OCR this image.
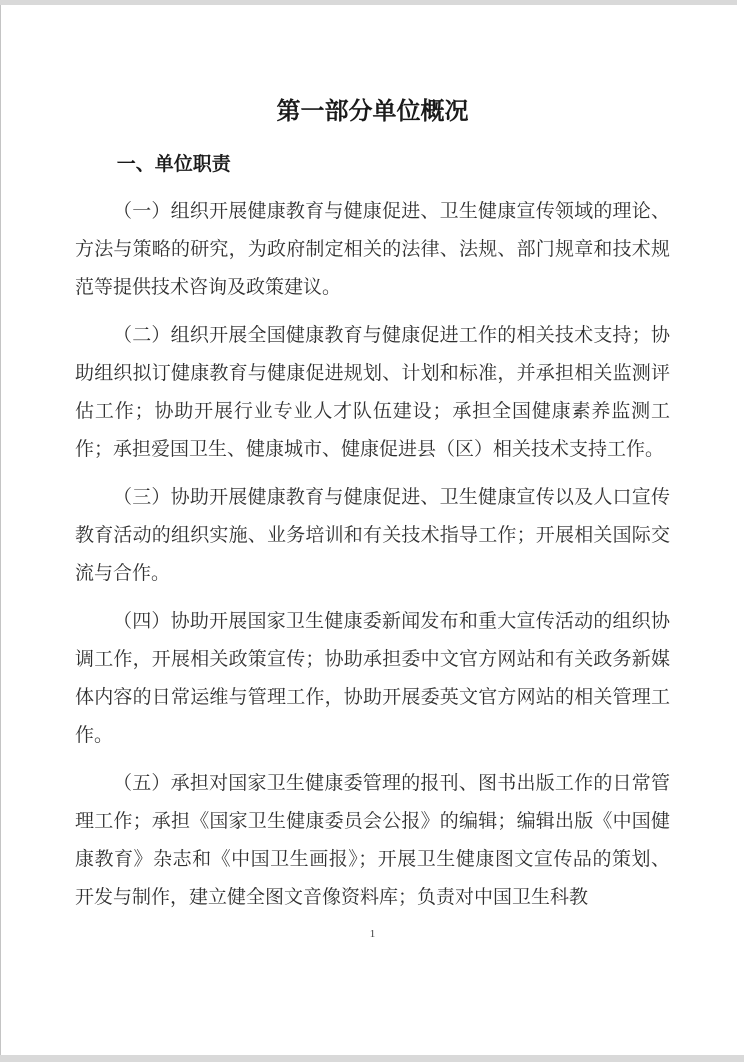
第一部分单位概况
一、单位职责

（一）组织开展健康教育与健康促进、卫生健康宣传领域的理论、方法与策略的研究，为政府制定相关的法律、法规、部门规章和技术规范等提供技术咨询及政策建议。

（二）组织开展全国健康教育与健康促进工作的相关技术支持；协助组织拟订健康教育与健康促进规划、计划和标准，并承担相关监测评估工作；协助开展行业专业人才队伍建设；承担全国健康素养监测工作；承担爱国卫生、健康城市、健康促进县（区）相关技术支持工作。

（三）协助开展健康教育与健康促进、卫生健康宣传以及人口宣传教育活动的组织实施、业务培训和有关技术指导工作；开展相关国际交流与合作。

（四）协助开展国家卫生健康委新闻发布和重大宣传活动的组织协调工作，开展相关政策宣传；协助承担委中文官方网站和有关政务新媒体内容的日常运维与管理工作，协助开展委英文官方网站的相关管理工作。

（五）承担对国家卫生健康委管理的报刊、图书出版工作的日常管理工作；承担《国家卫生健康委员会公报》的编辑；编辑出版《中国健康教育》杂志和《中国卫生画报》；开展卫生健康图文宣传品的策划、开发与制作，建立健全图文音像资料库；负责对中国卫生科教

1
